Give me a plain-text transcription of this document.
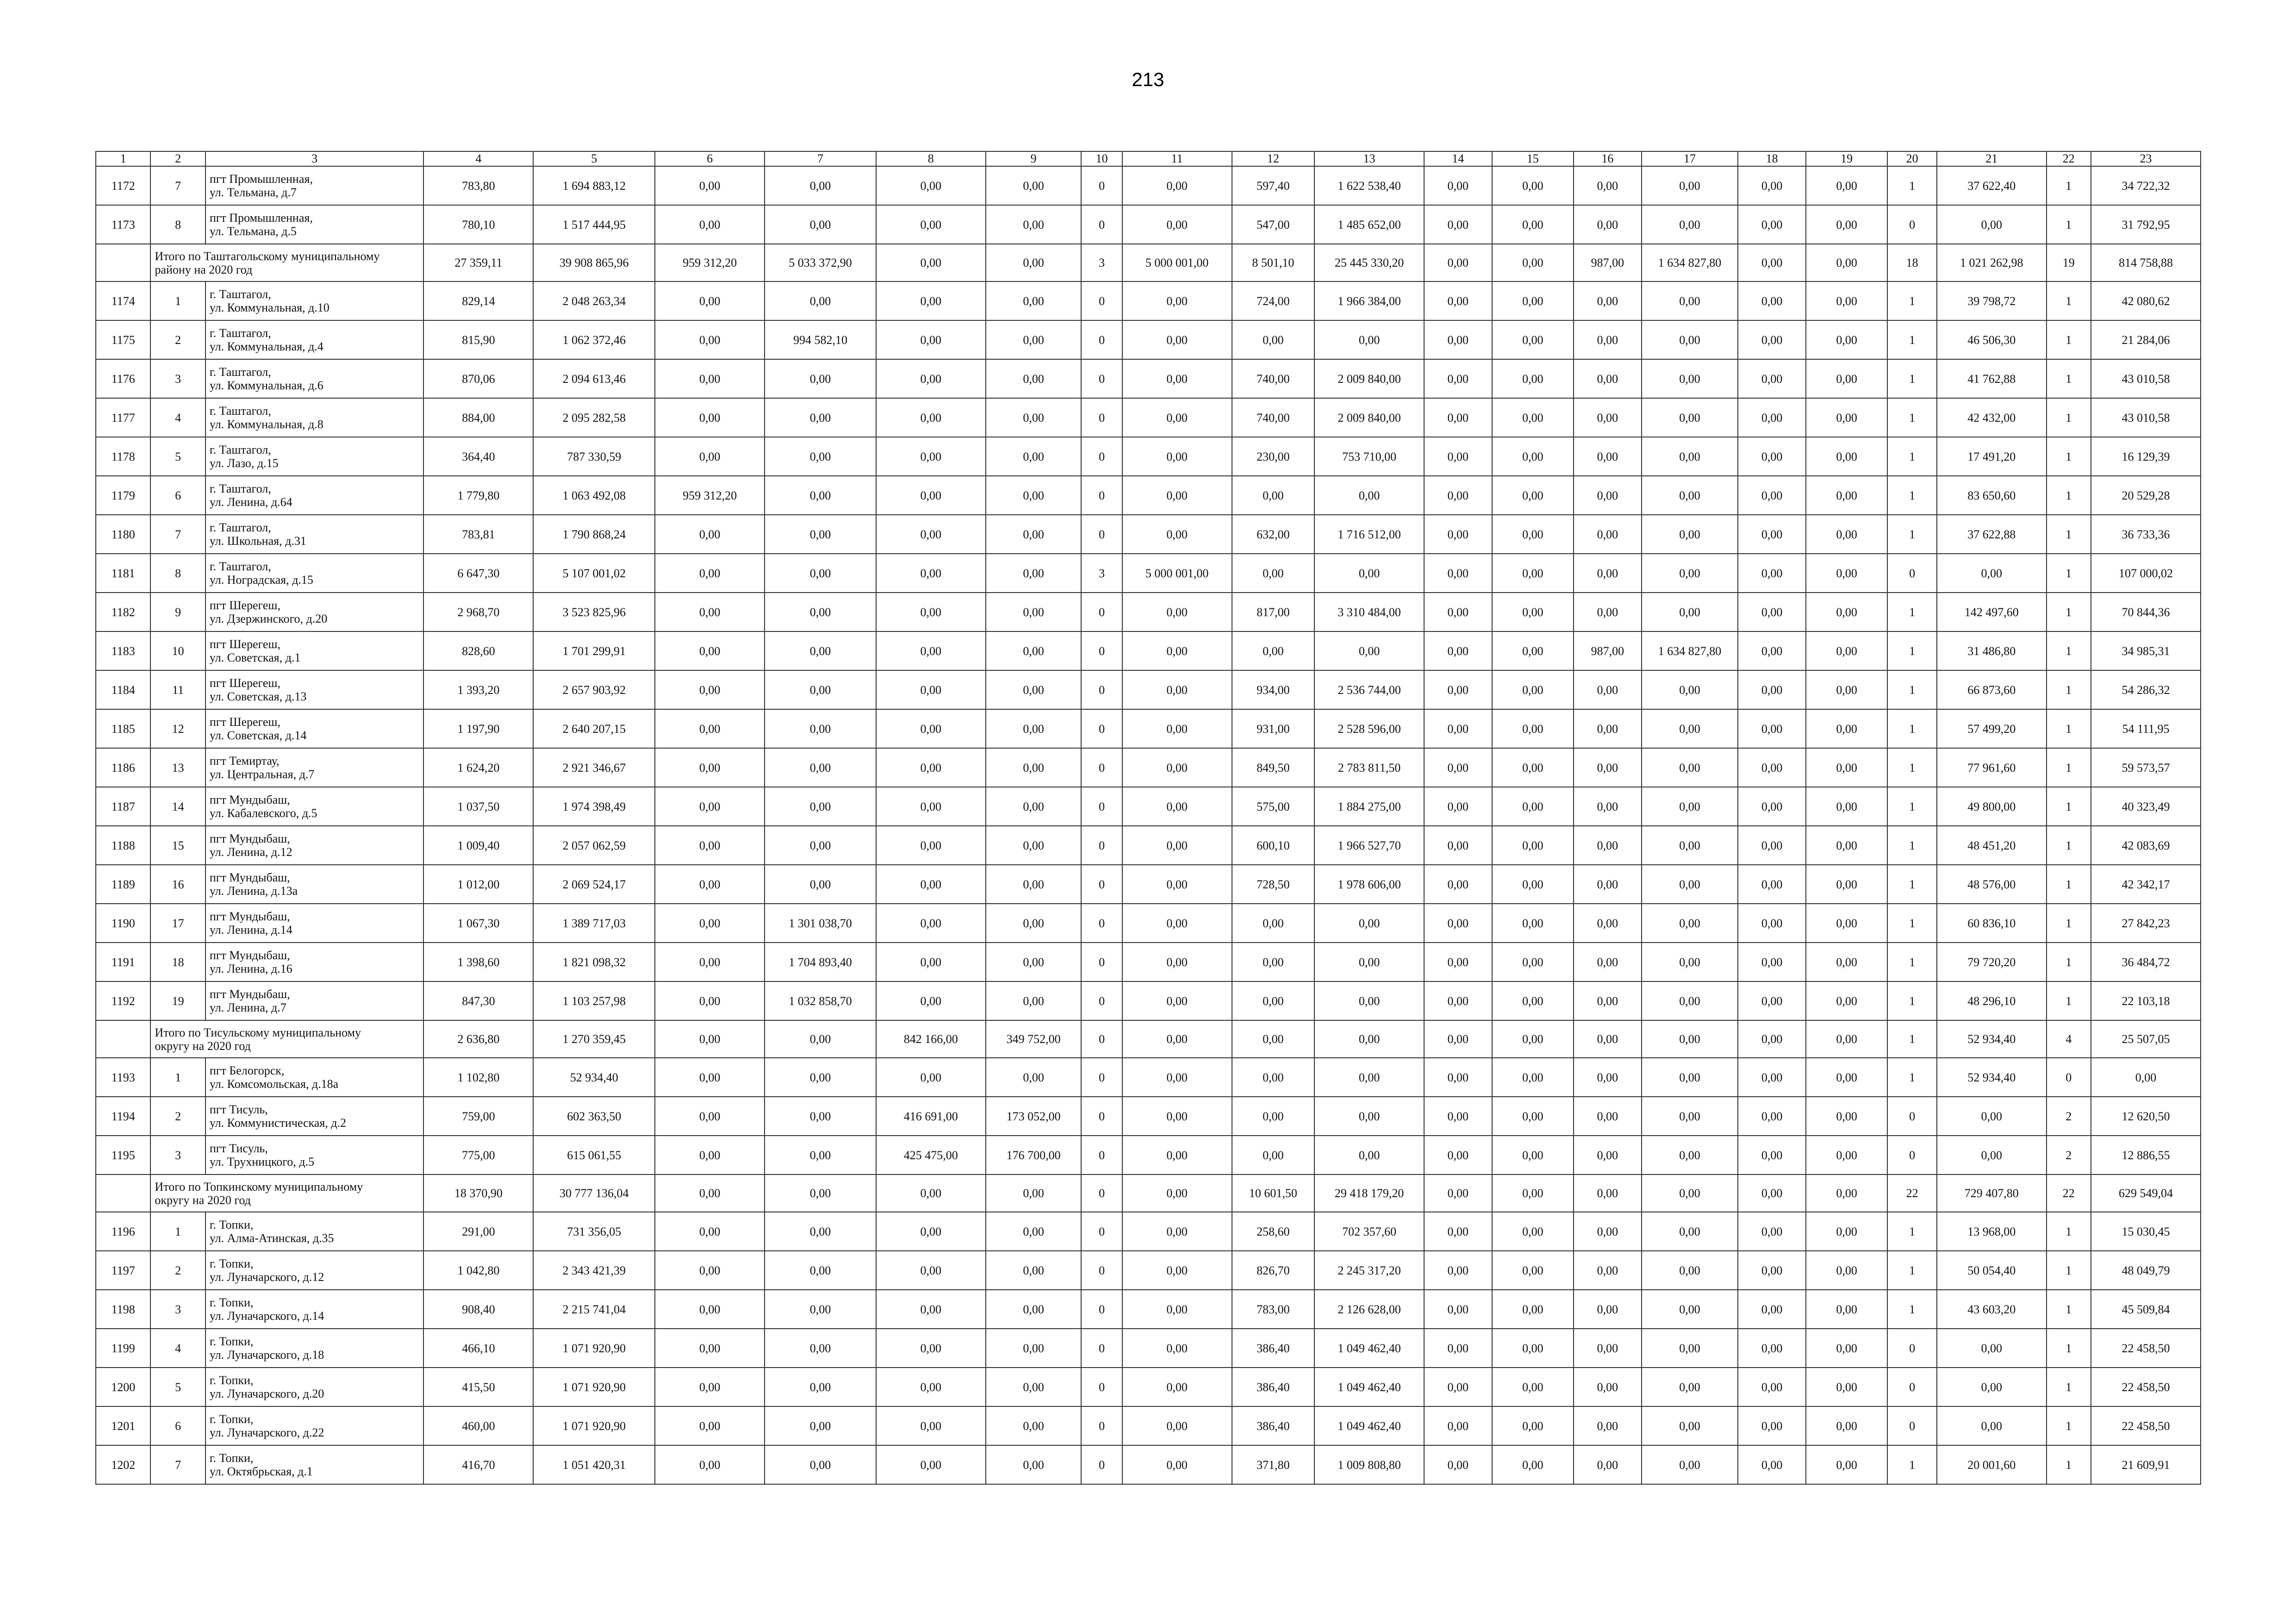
213
1	2	3	4	5	6	7	8	9	10	11	12	13	14	15	16	17	18	19	20	21	22	23
1172	7	пгт Промышленная,
ул. Тельмана, д.7	783,80	1 694 883,12	0,00	0,00	0,00	0,00	0	0,00	597,40	1 622 538,40	0,00	0,00	0,00	0,00	0,00	0,00	1	37 622,40	1	34 722,32
1173	8	пгт Промышленная,
ул. Тельмана, д.5	780,10	1 517 444,95	0,00	0,00	0,00	0,00	0	0,00	547,00	1 485 652,00	0,00	0,00	0,00	0,00	0,00	0,00	0	0,00	1	31 792,95

	Итого по Таштагольскому муниципальному
району на 2020 год		27 359,11	39 908 865,96	959 312,20	5 033 372,90	0,00	0,00	3	5 000 001,00	8 501,10	25 445 330,20	0,00	0,00	987,00	1 634 827,80	0,00	0,00	18	1 021 262,98	19	814 758,88
1174	1	г. Таштагол,
ул. Коммунальная, д.10	829,14	2 048 263,34	0,00	0,00	0,00	0,00	0	0,00	724,00	1 966 384,00	0,00	0,00	0,00	0,00	0,00	0,00	1	39 798,72	1	42 080,62
1175	2	г. Таштагол,
ул. Коммунальная, д.4	815,90	1 062 372,46	0,00	994 582,10	0,00	0,00	0	0,00	0,00	0,00	0,00	0,00	0,00	0,00	0,00	0,00	1	46 506,30	1	21 284,06
1176	3	г. Таштагол,
ул. Коммунальная, д.6	870,06	2 094 613,46	0,00	0,00	0,00	0,00	0	0,00	740,00	2 009 840,00	0,00	0,00	0,00	0,00	0,00	0,00	1	41 762,88	1	43 010,58
1177	4	г. Таштагол,
ул. Коммунальная, д.8	884,00	2 095 282,58	0,00	0,00	0,00	0,00	0	0,00	740,00	2 009 840,00	0,00	0,00	0,00	0,00	0,00	0,00	1	42 432,00	1	43 010,58
1178	5	г. Таштагол,
ул. Лазо, д.15	364,40	787 330,59	0,00	0,00	0,00	0,00	0	0,00	230,00	753 710,00	0,00	0,00	0,00	0,00	0,00	0,00	1	17 491,20	1	16 129,39
1179	6	г. Таштагол,
ул. Ленина, д.64	1 779,80	1 063 492,08	959 312,20	0,00	0,00	0,00	0	0,00	0,00	0,00	0,00	0,00	0,00	0,00	0,00	0,00	1	83 650,60	1	20 529,28
1180	7	г. Таштагол,
ул. Школьная, д.31	783,81	1 790 868,24	0,00	0,00	0,00	0,00	0	0,00	632,00	1 716 512,00	0,00	0,00	0,00	0,00	0,00	0,00	1	37 622,88	1	36 733,36
1181	8	г. Таштагол,
ул. Ноградская, д.15	6 647,30	5 107 001,02	0,00	0,00	0,00	0,00	3	5 000 001,00	0,00	0,00	0,00	0,00	0,00	0,00	0,00	0,00	0	0,00	1	107 000,02
1182	9	пгт Шерегеш,
ул. Дзержинского, д.20	2 968,70	3 523 825,96	0,00	0,00	0,00	0,00	0	0,00	817,00	3 310 484,00	0,00	0,00	0,00	0,00	0,00	0,00	1	142 497,60	1	70 844,36
1183	10	пгт Шерегеш,
ул. Советская, д.1	828,60	1 701 299,91	0,00	0,00	0,00	0,00	0	0,00	0,00	0,00	0,00	0,00	987,00	1 634 827,80	0,00	0,00	1	31 486,80	1	34 985,31
1184	11	пгт Шерегеш,
ул. Советская, д.13	1 393,20	2 657 903,92	0,00	0,00	0,00	0,00	0	0,00	934,00	2 536 744,00	0,00	0,00	0,00	0,00	0,00	0,00	1	66 873,60	1	54 286,32
1185	12	пгт Шерегеш,
ул. Советская, д.14	1 197,90	2 640 207,15	0,00	0,00	0,00	0,00	0	0,00	931,00	2 528 596,00	0,00	0,00	0,00	0,00	0,00	0,00	1	57 499,20	1	54 111,95
1186	13	пгт Темиртау,
ул. Центральная, д.7	1 624,20	2 921 346,67	0,00	0,00	0,00	0,00	0	0,00	849,50	2 783 811,50	0,00	0,00	0,00	0,00	0,00	0,00	1	77 961,60	1	59 573,57
1187	14	пгт Мундыбаш,
ул. Кабалевского, д.5	1 037,50	1 974 398,49	0,00	0,00	0,00	0,00	0	0,00	575,00	1 884 275,00	0,00	0,00	0,00	0,00	0,00	0,00	1	49 800,00	1	40 323,49
1188	15	пгт Мундыбаш,
ул. Ленина, д.12	1 009,40	2 057 062,59	0,00	0,00	0,00	0,00	0	0,00	600,10	1 966 527,70	0,00	0,00	0,00	0,00	0,00	0,00	1	48 451,20	1	42 083,69
1189	16	пгт Мундыбаш,
ул. Ленина, д.13а	1 012,00	2 069 524,17	0,00	0,00	0,00	0,00	0	0,00	728,50	1 978 606,00	0,00	0,00	0,00	0,00	0,00	0,00	1	48 576,00	1	42 342,17
1190	17	пгт Мундыбаш,
ул. Ленина, д.14	1 067,30	1 389 717,03	0,00	1 301 038,70	0,00	0,00	0	0,00	0,00	0,00	0,00	0,00	0,00	0,00	0,00	0,00	1	60 836,10	1	27 842,23
1191	18	пгт Мундыбаш,
ул. Ленина, д.16	1 398,60	1 821 098,32	0,00	1 704 893,40	0,00	0,00	0	0,00	0,00	0,00	0,00	0,00	0,00	0,00	0,00	0,00	1	79 720,20	1	36 484,72
1192	19	пгт Мундыбаш,
ул. Ленина, д.7	847,30	1 103 257,98	0,00	1 032 858,70	0,00	0,00	0	0,00	0,00	0,00	0,00	0,00	0,00	0,00	0,00	0,00	1	48 296,10	1	22 103,18

	Итого по Тисульскому муниципальному
округу на 2020 год		2 636,80	1 270 359,45	0,00	0,00	842 166,00	349 752,00	0	0,00	0,00	0,00	0,00	0,00	0,00	0,00	0,00	0,00	1	52 934,40	4	25 507,05
1193	1	пгт Белогорск,
ул. Комсомольская, д.18а	1 102,80	52 934,40	0,00	0,00	0,00	0,00	0	0,00	0,00	0,00	0,00	0,00	0,00	0,00	0,00	0,00	1	52 934,40	0	0,00
1194	2	пгт Тисуль,
ул. Коммунистическая, д.2	759,00	602 363,50	0,00	0,00	416 691,00	173 052,00	0	0,00	0,00	0,00	0,00	0,00	0,00	0,00	0,00	0,00	0	0,00	2	12 620,50
1195	3	пгт Тисуль,
ул. Трухницкого, д.5	775,00	615 061,55	0,00	0,00	425 475,00	176 700,00	0	0,00	0,00	0,00	0,00	0,00	0,00	0,00	0,00	0,00	0	0,00	2	12 886,55

	Итого по Топкинскому муниципальному
округу на 2020 год		18 370,90	30 777 136,04	0,00	0,00	0,00	0,00	0	0,00	10 601,50	29 418 179,20	0,00	0,00	0,00	0,00	0,00	0,00	22	729 407,80	22	629 549,04
1196	1	г. Топки,
ул. Алма-Атинская, д.35	291,00	731 356,05	0,00	0,00	0,00	0,00	0	0,00	258,60	702 357,60	0,00	0,00	0,00	0,00	0,00	0,00	1	13 968,00	1	15 030,45
1197	2	г. Топки,
ул. Луначарского, д.12	1 042,80	2 343 421,39	0,00	0,00	0,00	0,00	0	0,00	826,70	2 245 317,20	0,00	0,00	0,00	0,00	0,00	0,00	1	50 054,40	1	48 049,79
1198	3	г. Топки,
ул. Луначарского, д.14	908,40	2 215 741,04	0,00	0,00	0,00	0,00	0	0,00	783,00	2 126 628,00	0,00	0,00	0,00	0,00	0,00	0,00	1	43 603,20	1	45 509,84
1199	4	г. Топки,
ул. Луначарского, д.18	466,10	1 071 920,90	0,00	0,00	0,00	0,00	0	0,00	386,40	1 049 462,40	0,00	0,00	0,00	0,00	0,00	0,00	0	0,00	1	22 458,50
1200	5	г. Топки,
ул. Луначарского, д.20	415,50	1 071 920,90	0,00	0,00	0,00	0,00	0	0,00	386,40	1 049 462,40	0,00	0,00	0,00	0,00	0,00	0,00	0	0,00	1	22 458,50
1201	6	г. Топки,
ул. Луначарского, д.22	460,00	1 071 920,90	0,00	0,00	0,00	0,00	0	0,00	386,40	1 049 462,40	0,00	0,00	0,00	0,00	0,00	0,00	0	0,00	1	22 458,50
1202	7	г. Топки,
ул. Октябрьская, д.1	416,70	1 051 420,31	0,00	0,00	0,00	0,00	0	0,00	371,80	1 009 808,80	0,00	0,00	0,00	0,00	0,00	0,00	1	20 001,60	1	21 609,91
